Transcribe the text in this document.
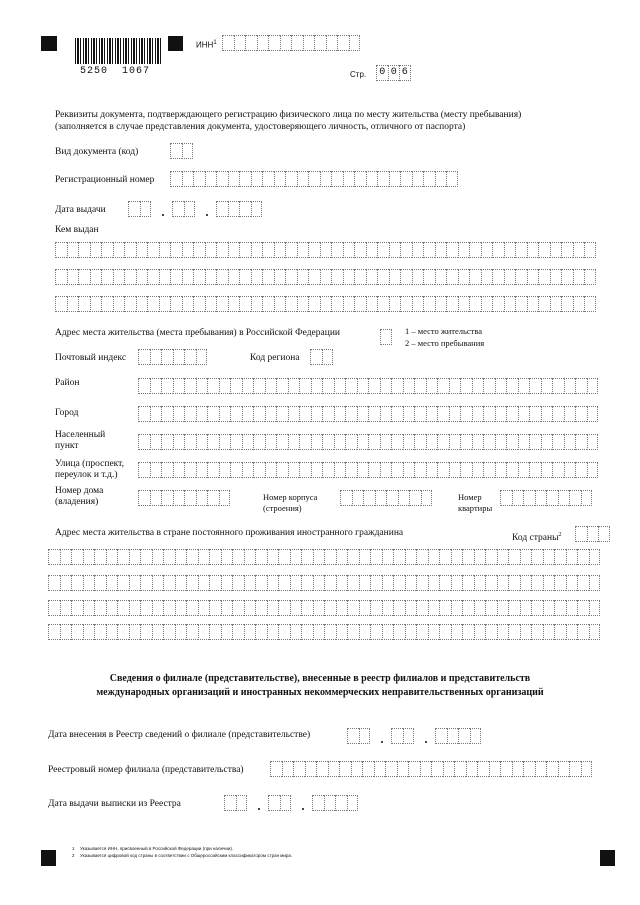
5250  1067
ИНН$^1$
Стр.	0 0 6
Реквизиты документа, подтверждающего регистрацию физического лица по месту жительства (месту пребывания)
(заполняется в случае представления документа, удостоверяющего личность, отличного от паспорта)
Вид документа (код)
Регистрационный номер
Дата выдачи
Кем выдан
Адрес места жительства (места пребывания) в Российской Федерации	1 – место жительства
2 – место пребывания
Почтовый индекс	Код региона
Район
Город
Населенный
пункт
Улица (проспект,
переулок и т.д.)
Номер дома
(владения)	Номер корпуса
(строения)
Номер
квартиры
Адрес места жительства в стране постоянного проживания иностранного гражданина
Код страны$^2$
Сведения о филиале (представительстве), внесенные в реестр филиалов и представительств
международных организаций и иностранных некоммерческих неправительственных организаций
Дата внесения в Реестр сведений о филиале (представительстве)
Реестровый номер филиала (представительства)
Дата выдачи выписки из Реестра
1 Указывается ИНН, присвоенный в Российской Федерации (при наличии).
2 Указывается цифровой код страны в соответствии с Общероссийским классификатором стран мира.
